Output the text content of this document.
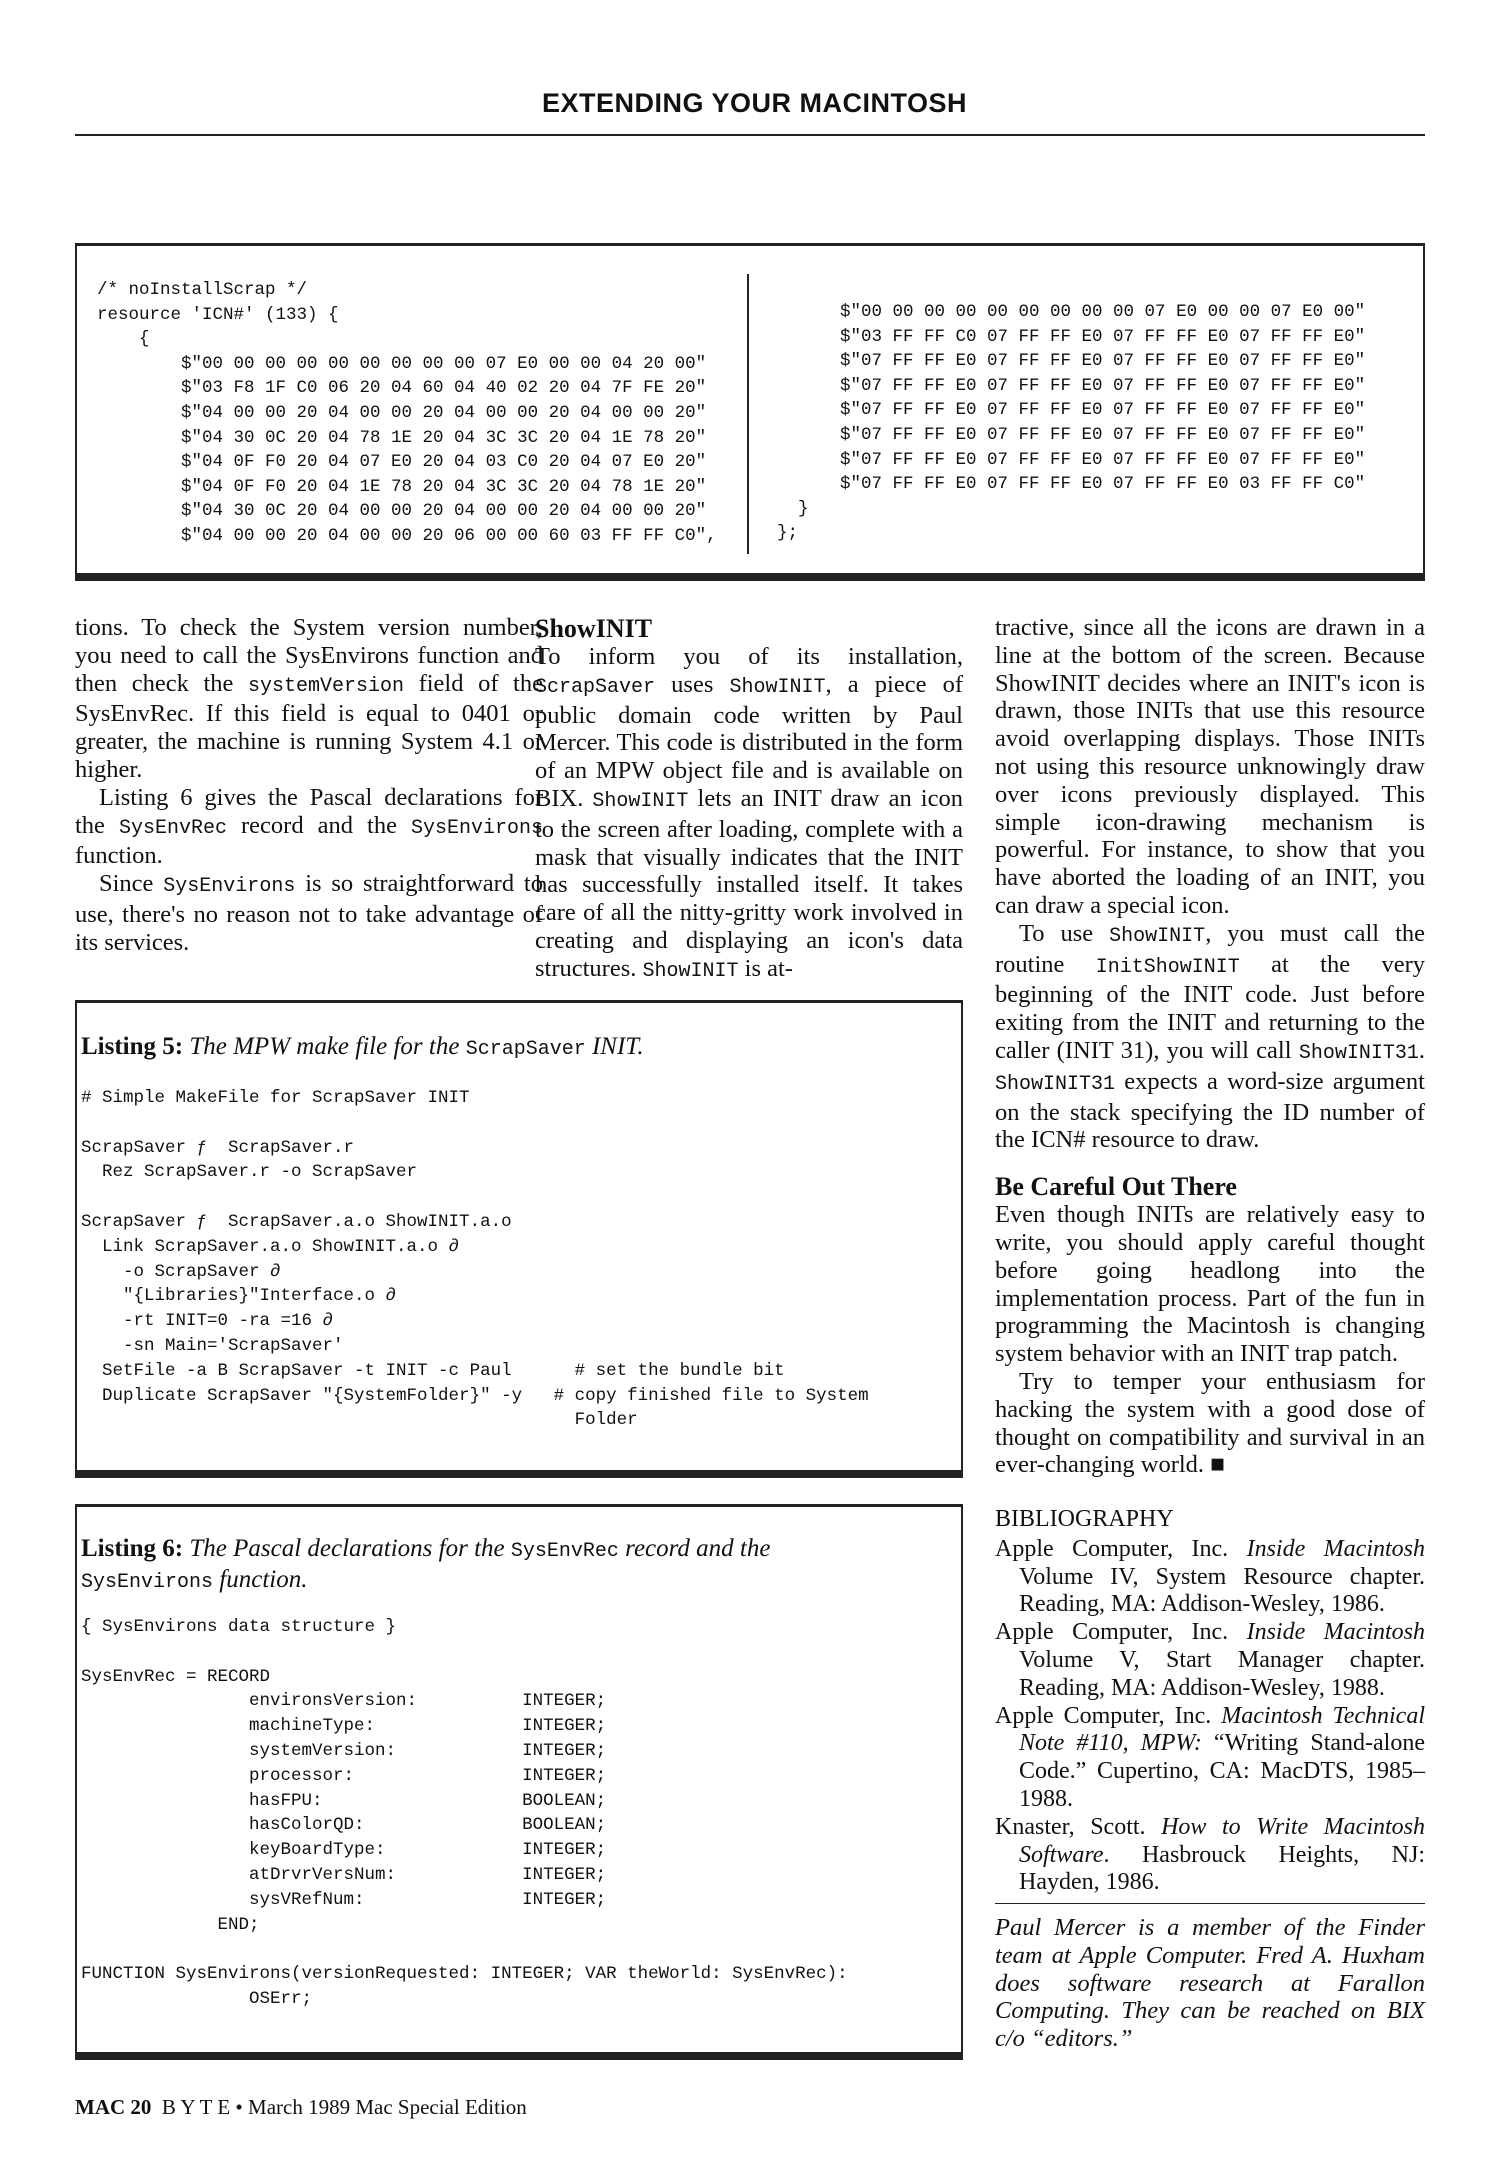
EXTENDING YOUR MACINTOSH
/* noInstallScrap */
resource 'ICN#' (133) {
{
$"00 00 00 00 00 00 00 00 00 07 E0 00 00 04 20 00"
$"03 F8 1F C0 06 20 04 60 04 40 02 20 04 7F FE 20"
$"04 00 00 20 04 00 00 20 04 00 00 20 04 00 00 20"
$"04 30 0C 20 04 78 1E 20 04 3C 3C 20 04 1E 78 20"
$"04 0F F0 20 04 07 E0 20 04 03 C0 20 04 07 E0 20"
$"04 0F F0 20 04 1E 78 20 04 3C 3C 20 04 78 1E 20"
$"04 30 0C 20 04 00 00 20 04 00 00 20 04 00 00 20"
$"04 00 00 20 04 00 00 20 06 00 00 60 03 FF FF C0",
$"00 00 00 00 00 00 00 00 00 07 E0 00 00 07 E0 00"
$"03 FF FF C0 07 FF FF E0 07 FF FF E0 07 FF FF E0"
$"07 FF FF E0 07 FF FF E0 07 FF FF E0 07 FF FF E0"
$"07 FF FF E0 07 FF FF E0 07 FF FF E0 07 FF FF E0"
$"07 FF FF E0 07 FF FF E0 07 FF FF E0 07 FF FF E0"
$"07 FF FF E0 07 FF FF E0 07 FF FF E0 07 FF FF E0"
$"07 FF FF E0 07 FF FF E0 07 FF FF E0 07 FF FF E0"
$"07 FF FF E0 07 FF FF E0 07 FF FF E0 03 FF FF C0"
}
};

tions. To check the System version number, you need to call the SysEnvirons function and then check the systemVersion field of the SysEnvRec. If this field is equal to 0401 or greater, the machine is running System 4.1 or higher.

Listing 6 gives the Pascal declarations for the SysEnvRec record and the SysEnvirons function.

Since SysEnvirons is so straightforward to use, there's no reason not to take advantage of its services.

ShowINIT

To inform you of its installation, ScrapSaver uses ShowINIT, a piece of public domain code written by Paul Mercer. This code is distributed in the form of an MPW object file and is available on BIX. ShowINIT lets an INIT draw an icon to the screen after loading, complete with a mask that visually indicates that the INIT has successfully installed itself. It takes care of all the nitty-gritty work involved in creating and displaying an icon's data structures. ShowINIT is at-

tractive, since all the icons are drawn in a line at the bottom of the screen. Because ShowINIT decides where an INIT's icon is drawn, those INITs that use this resource avoid overlapping displays. Those INITs not using this resource unknowingly draw over icons previously displayed. This simple icon-drawing mechanism is powerful. For instance, to show that you have aborted the loading of an INIT, you can draw a special icon.

To use ShowINIT, you must call the routine InitShowINIT at the very beginning of the INIT code. Just before exiting from the INIT and returning to the caller (INIT 31), you will call ShowINIT31. ShowINIT31 expects a word-size argument on the stack specifying the ID number of the ICN# resource to draw.

Be Careful Out There

Even though INITs are relatively easy to write, you should apply careful thought before going headlong into the implementation process. Part of the fun in programming the Macintosh is changing system behavior with an INIT trap patch.

Try to temper your enthusiasm for hacking the system with a good dose of thought on compatibility and survival in an ever-changing world. ■

Listing 5: The MPW make file for the ScrapSaver INIT.

# Simple MakeFile for ScrapSaver INIT

ScrapSaver ƒ  ScrapSaver.r
Rez ScrapSaver.r -o ScrapSaver

ScrapSaver ƒ  ScrapSaver.a.o ShowINIT.a.o
Link ScrapSaver.a.o ShowINIT.a.o ∂
-o ScrapSaver ∂
"{Libraries}"Interface.o ∂
-rt INIT=0 -ra =16 ∂
-sn Main='ScrapSaver'
SetFile -a B ScrapSaver -t INIT -c Paul      # set the bundle bit
Duplicate ScrapSaver "{SystemFolder}" -y   # copy finished file to System
Folder

Listing 6: The Pascal declarations for the SysEnvRec record and the SysEnvirons function.

{ SysEnvirons data structure }

SysEnvRec = RECORD
environsVersion:          INTEGER;
machineType:              INTEGER;
systemVersion:            INTEGER;
processor:                INTEGER;
hasFPU:                   BOOLEAN;
hasColorQD:               BOOLEAN;
keyBoardType:             INTEGER;
atDrvrVersNum:            INTEGER;
sysVRefNum:               INTEGER;
END;

FUNCTION SysEnvirons(versionRequested: INTEGER; VAR theWorld: SysEnvRec):
OSErr;
BIBLIOGRAPHY

Apple Computer, Inc. Inside Macintosh Volume IV, System Resource chapter. Reading, MA: Addison-Wesley, 1986.

Apple Computer, Inc. Inside Macintosh Volume V, Start Manager chapter. Reading, MA: Addison-Wesley, 1988.

Apple Computer, Inc. Macintosh Technical Note #110, MPW: “Writing Stand-alone Code.” Cupertino, CA: MacDTS, 1985–1988.

Knaster, Scott. How to Write Macintosh Software. Hasbrouck Heights, NJ: Hayden, 1986.

Paul Mercer is a member of the Finder team at Apple Computer. Fred A. Huxham does software research at Farallon Computing. They can be reached on BIX c/o “editors.”
MAC 20 B Y T E • March 1989 Mac Special Edition
